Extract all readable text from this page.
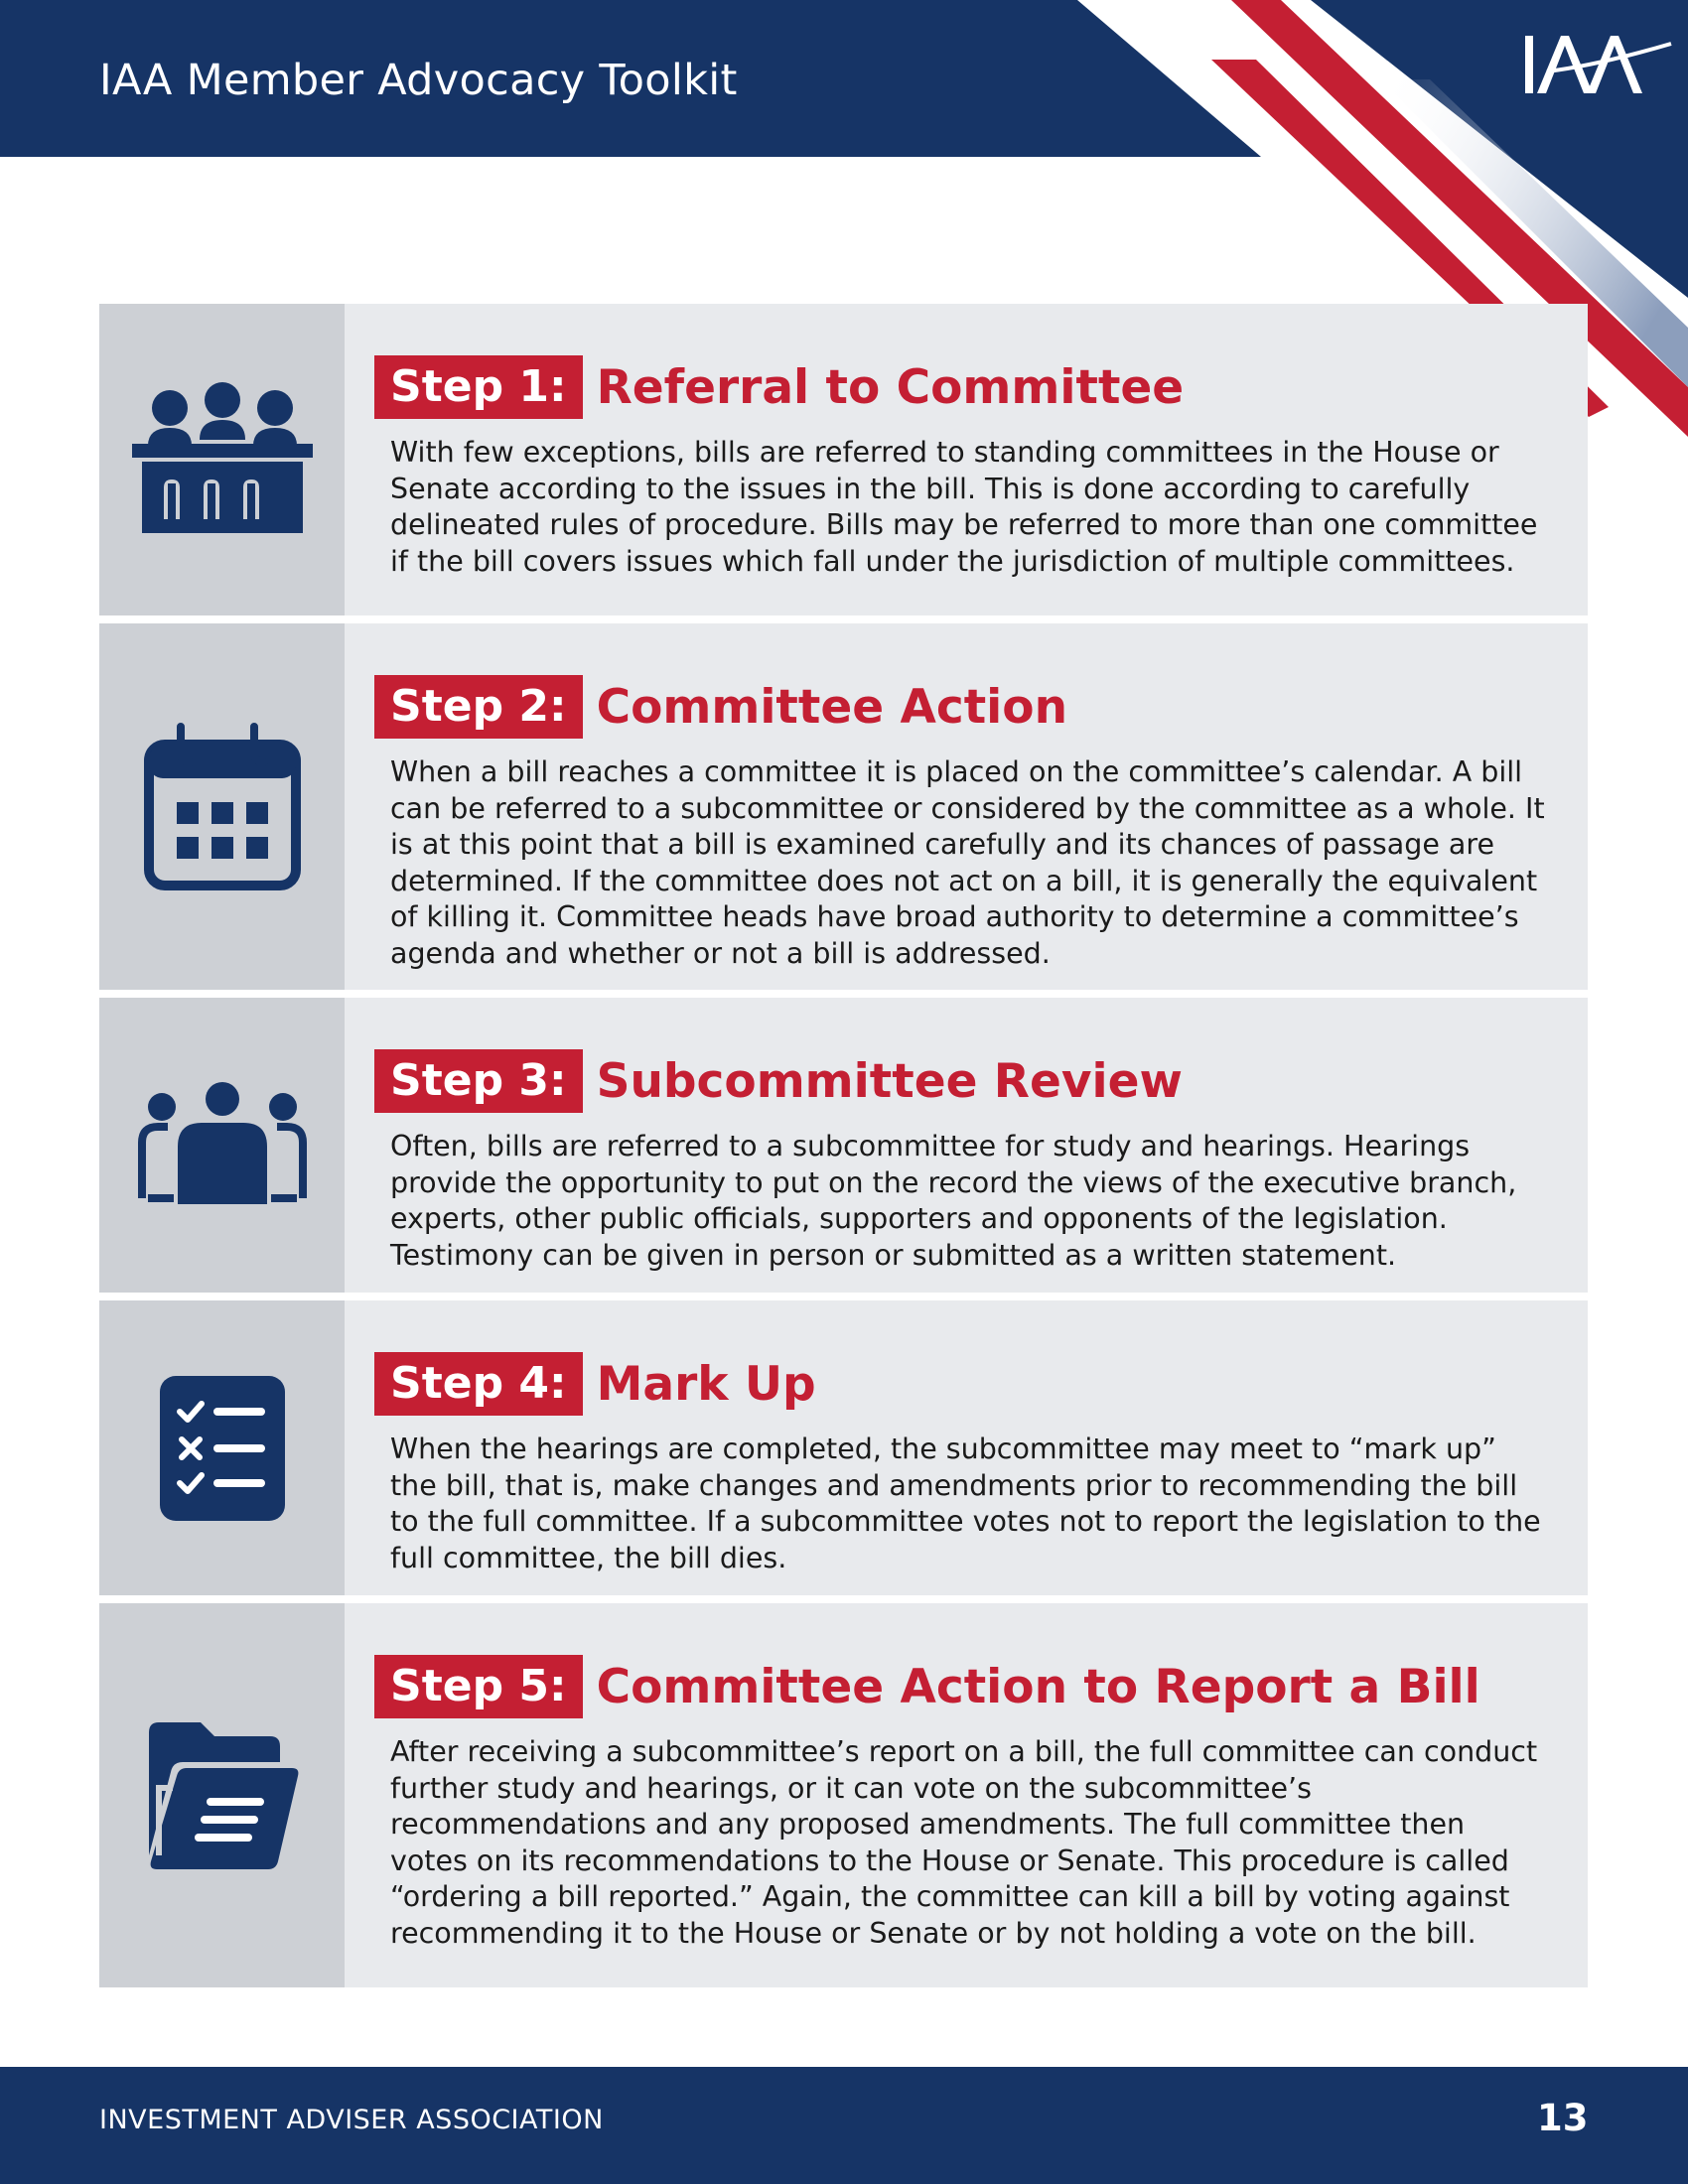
IAA Member Advocacy Toolkit
Step 1: Referral to Committee
With few exceptions, bills are referred to standing committees in the House or Senate according to the issues in the bill. This is done according to carefully delineated rules of procedure. Bills may be referred to more than one committee if the bill covers issues which fall under the jurisdiction of multiple committees.
Step 2: Committee Action
When a bill reaches a committee it is placed on the committee’s calendar. A bill can be referred to a subcommittee or considered by the committee as a whole. It is at this point that a bill is examined carefully and its chances of passage are determined. If the committee does not act on a bill, it is generally the equivalent of killing it. Committee heads have broad authority to determine a committee’s agenda and whether or not a bill is addressed.
Step 3: Subcommittee Review
Often, bills are referred to a subcommittee for study and hearings. Hearings provide the opportunity to put on the record the views of the executive branch, experts, other public officials, supporters and opponents of the legislation. Testimony can be given in person or submitted as a written statement.
Step 4: Mark Up
When the hearings are completed, the subcommittee may meet to “mark up” the bill, that is, make changes and amendments prior to recommending the bill to the full committee. If a subcommittee votes not to report the legislation to the full committee, the bill dies.
Step 5: Committee Action to Report a Bill
After receiving a subcommittee’s report on a bill, the full committee can conduct further study and hearings, or it can vote on the subcommittee’s recommendations and any proposed amendments. The full committee then votes on its recommendations to the House or Senate. This procedure is called “ordering a bill reported.” Again, the committee can kill a bill by voting against recommending it to the House or Senate or by not holding a vote on the bill.
INVESTMENT ADVISER ASSOCIATION	13
